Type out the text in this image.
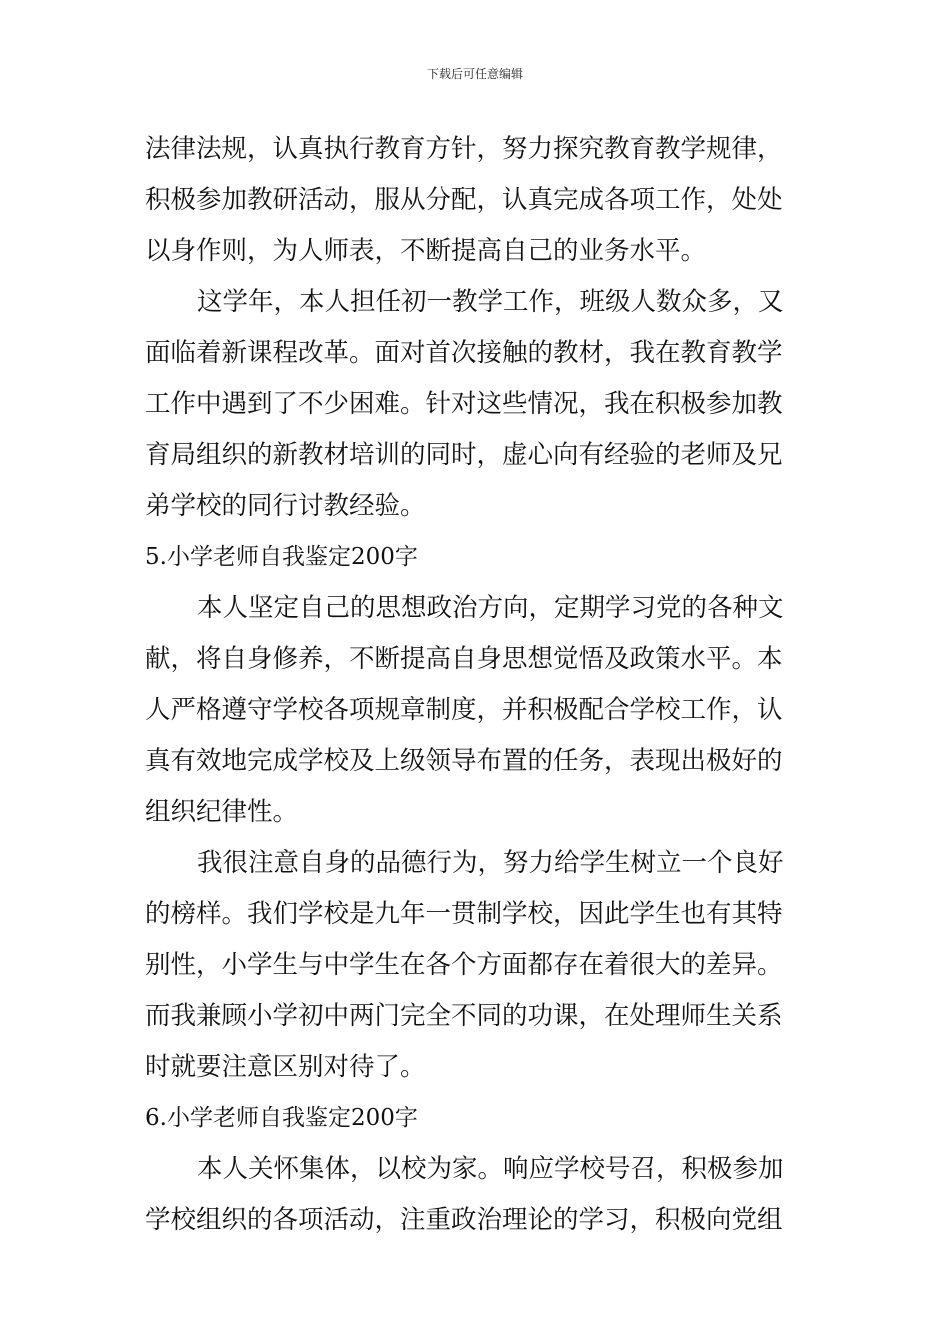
下载后可任意编辑
法律法规，认真执行教育方针，努力探究教育教学规律，
积极参加教研活动，服从分配，认真完成各项工作，处处
以身作则，为人师表，不断提高自己的业务水平。
这学年，本人担任初一教学工作，班级人数众多，又
面临着新课程改革。面对首次接触的教材，我在教育教学
工作中遇到了不少困难。针对这些情况，我在积极参加教
育局组织的新教材培训的同时，虚心向有经验的老师及兄
弟学校的同行讨教经验。
5.小学老师自我鉴定200字
本人坚定自己的思想政治方向，定期学习党的各种文
献，将自身修养，不断提高自身思想觉悟及政策水平。本
人严格遵守学校各项规章制度，并积极配合学校工作，认
真有效地完成学校及上级领导布置的任务，表现出极好的
组织纪律性。
我很注意自身的品德行为，努力给学生树立一个良好
的榜样。我们学校是九年一贯制学校，因此学生也有其特
别性，小学生与中学生在各个方面都存在着很大的差异。
而我兼顾小学初中两门完全不同的功课，在处理师生关系
时就要注意区别对待了。
6.小学老师自我鉴定200字
本人关怀集体，以校为家。响应学校号召，积极参加
学校组织的各项活动，注重政治理论的学习，积极向党组
